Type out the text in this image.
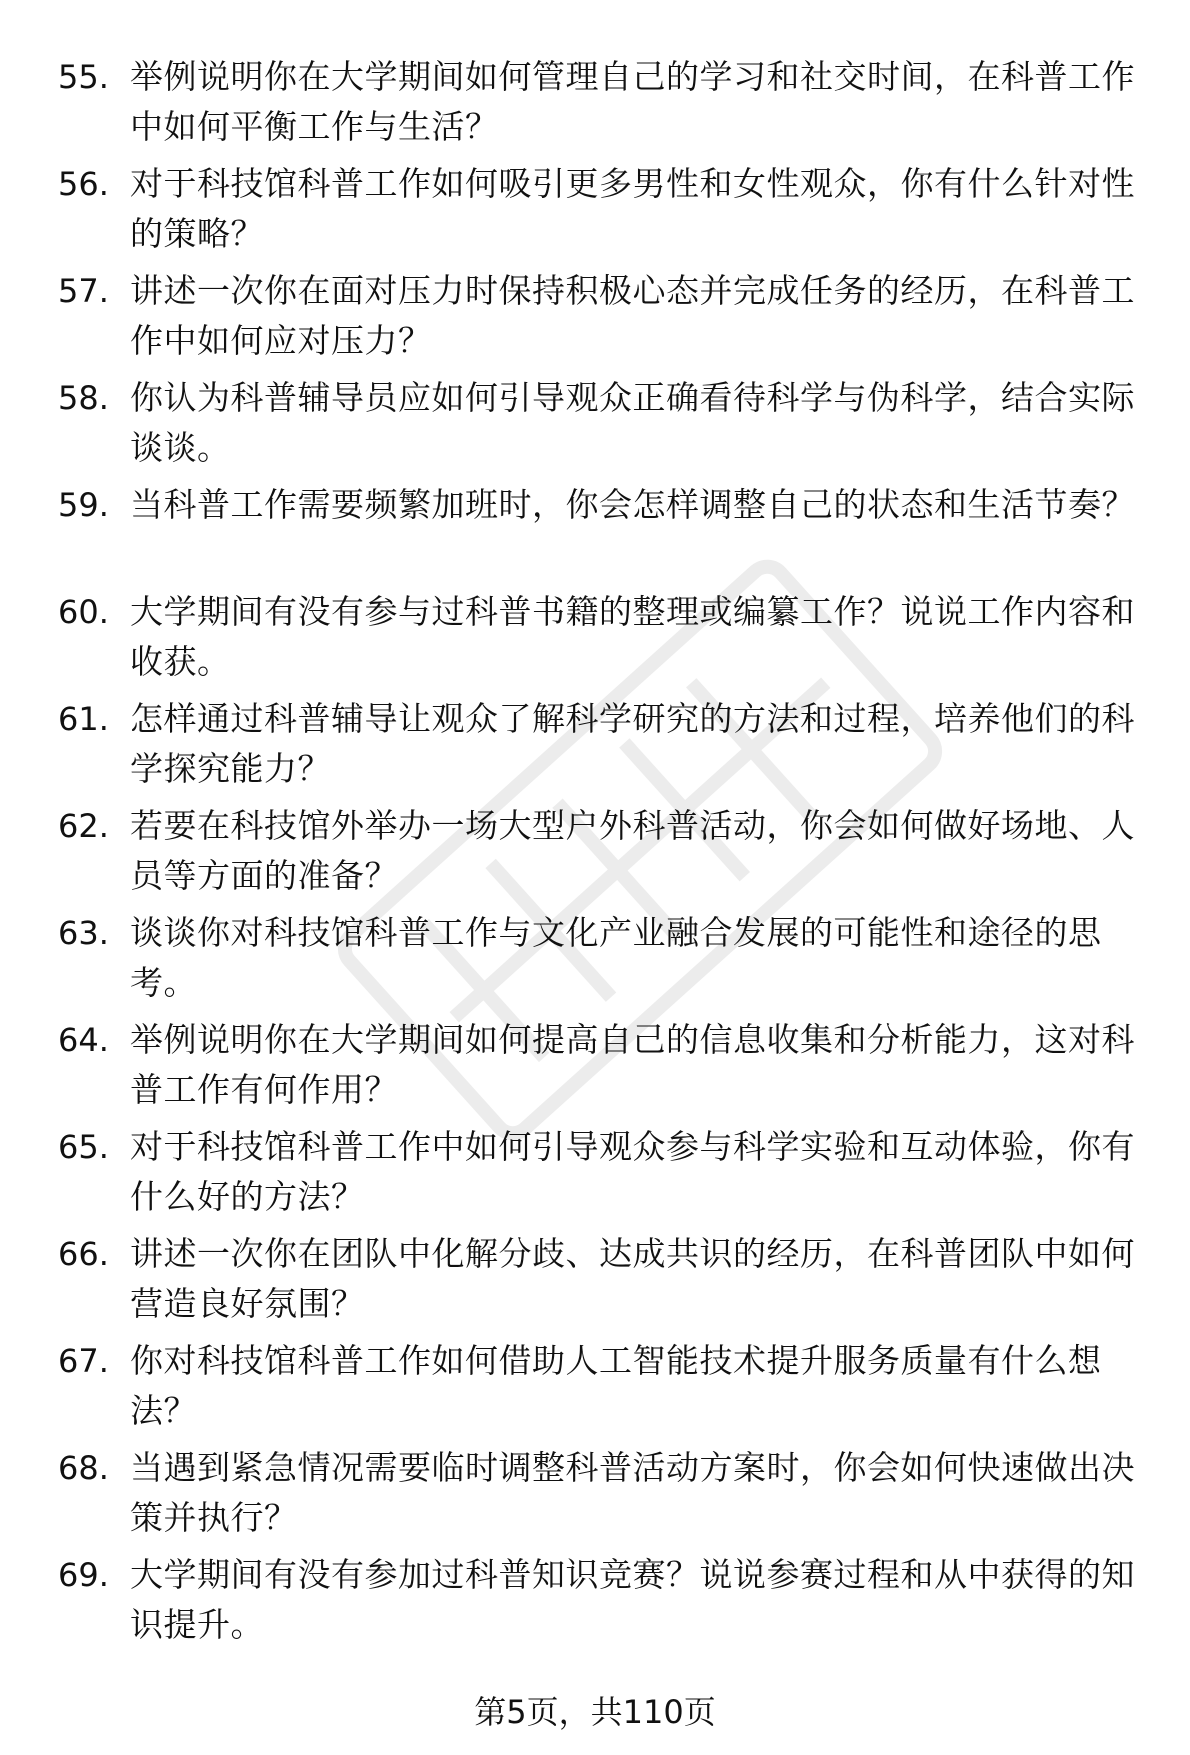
55. 举例说明你在大学期间如何管理自己的学习和社交时间，在科普工作中如何平衡工作与生活？
56. 对于科技馆科普工作如何吸引更多男性和女性观众，你有什么针对性的策略？
57. 讲述一次你在面对压力时保持积极心态并完成任务的经历，在科普工作中如何应对压力？
58. 你认为科普辅导员应如何引导观众正确看待科学与伪科学，结合实际谈谈。
59. 当科普工作需要频繁加班时，你会怎样调整自己的状态和生活节奏？
60. 大学期间有没有参与过科普书籍的整理或编纂工作？说说工作内容和收获。
61. 怎样通过科普辅导让观众了解科学研究的方法和过程，培养他们的科学探究能力？
62. 若要在科技馆外举办一场大型户外科普活动，你会如何做好场地、人员等方面的准备？
63. 谈谈你对科技馆科普工作与文化产业融合发展的可能性和途径的思考。
64. 举例说明你在大学期间如何提高自己的信息收集和分析能力，这对科普工作有何作用？
65. 对于科技馆科普工作中如何引导观众参与科学实验和互动体验，你有什么好的方法？
66. 讲述一次你在团队中化解分歧、达成共识的经历，在科普团队中如何营造良好氛围？
67. 你对科技馆科普工作如何借助人工智能技术提升服务质量有什么想法？
68. 当遇到紧急情况需要临时调整科普活动方案时，你会如何快速做出决策并执行？
69. 大学期间有没有参加过科普知识竞赛？说说参赛过程和从中获得的知识提升。
第5页，共110页
